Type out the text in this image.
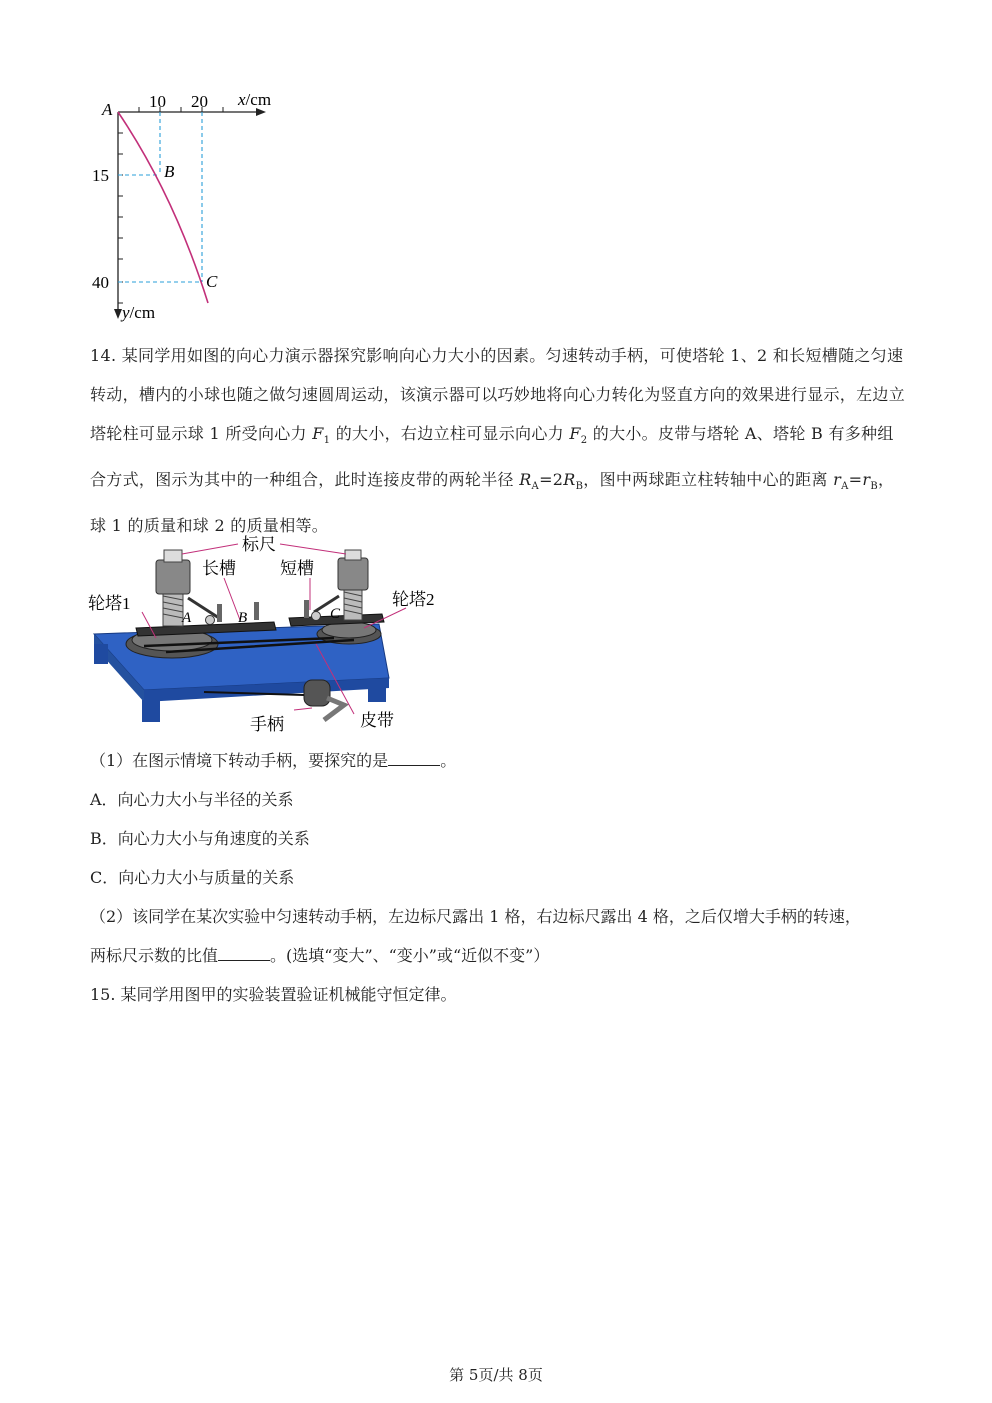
A 10 20 x/cm
B
15
C
40
y/cm
14. 某同学用如图的向心力演示器探究影响向心力大小的因素。匀速转动手柄，可使塔轮 1、2 和长短槽随之匀速转动，槽内的小球也随之做匀速圆周运动，该演示器可以巧妙地将向心力转化为竖直方向的效果进行显示，左边立塔轮柱可显示球 1 所受向心力 $F_1$ 的大小，右边立柱可显示向心力 $F_2$ 的大小。皮带与塔轮 A、塔轮 B 有多种组合方式，图示为其中的一种组合，此时连接皮带的两轮半径 $R_A=2R_B$，图中两球距立柱转轴中心的距离 $r_A=r_B$，球 1 的质量和球 2 的质量相等。
标尺
长槽	短槽
轮塔1	轮塔2
A	B	C
手柄	皮带
（1）在图示情境下转动手柄，要探究的是	。
A．向心力大小与半径的关系
B．向心力大小与角速度的关系
C．向心力大小与质量的关系
（2）该同学在某次实验中匀速转动手柄，左边标尺露出 1 格，右边标尺露出 4 格，之后仅增大手柄的转速，
两标尺示数的比值	。(选填“变大”、“变小”或“近似不变”）
15. 某同学用图甲的实验装置验证机械能守恒定律。
第 5页/共 8页
